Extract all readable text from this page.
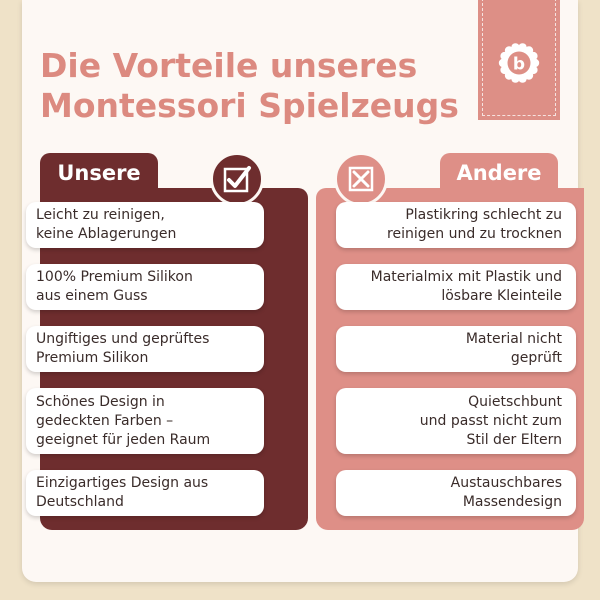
Die Vorteile unseres
Montessori Spielzeugs
b
Unsere
Leicht zu reinigen,
keine Ablagerungen
100% Premium Silikon
aus einem Guss
Ungiftiges und geprüftes
Premium Silikon
Schönes Design in
gedeckten Farben –
geeignet für jeden Raum
Einzigartiges Design aus
Deutschland
Andere
Plastikring schlecht zu
reinigen und zu trocknen
Materialmix mit Plastik und
lösbare Kleinteile
Material nicht
geprüft
Quietschbunt
und passt nicht zum
Stil der Eltern
Austauschbares
Massendesign
